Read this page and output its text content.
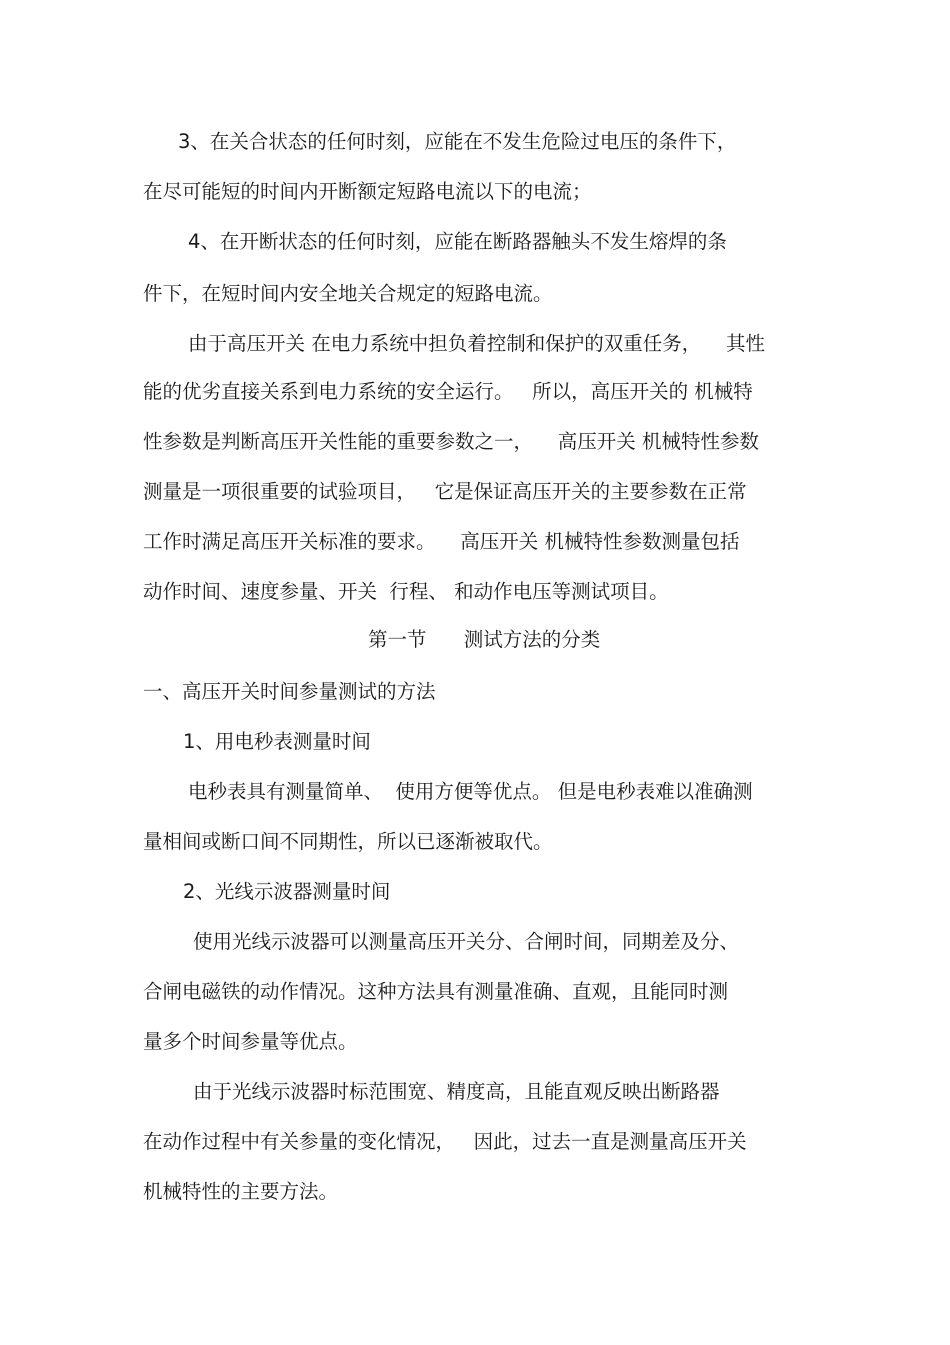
3、在关合状态的任何时刻，应能在不发生危险过电压的条件下，
在尽可能短的时间内开断额定短路电流以下的电流；
4、在开断状态的任何时刻，应能在断路器触头不发生熔焊的条
件下，在短时间内安全地关合规定的短路电流。
由于高压开关 在电力系统中担负着控制和保护的双重任务，    其性
能的优劣直接关系到电力系统的安全运行。   所以，高压开关的 机械特
性参数是判断高压开关性能的重要参数之一，    高压开关 机械特性参数
测量是一项很重要的试验项目，   它是保证高压开关的主要参数在正常
工作时满足高压开关标准的要求。    高压开关 机械特性参数测量包括
动作时间、速度参量、开关  行程、 和动作电压等测试项目。
第一节      测试方法的分类
一、高压开关时间参量测试的方法
1、用电秒表测量时间
电秒表具有测量简单、  使用方便等优点。 但是电秒表难以准确测
量相间或断口间不同期性，所以已逐渐被取代。
2、光线示波器测量时间
使用光线示波器可以测量高压开关分、合闸时间，同期差及分、
合闸电磁铁的动作情况。这种方法具有测量准确、直观，且能同时测
量多个时间参量等优点。
由于光线示波器时标范围宽、精度高，且能直观反映出断路器
在动作过程中有关参量的变化情况，   因此，过去一直是测量高压开关
机械特性的主要方法。
